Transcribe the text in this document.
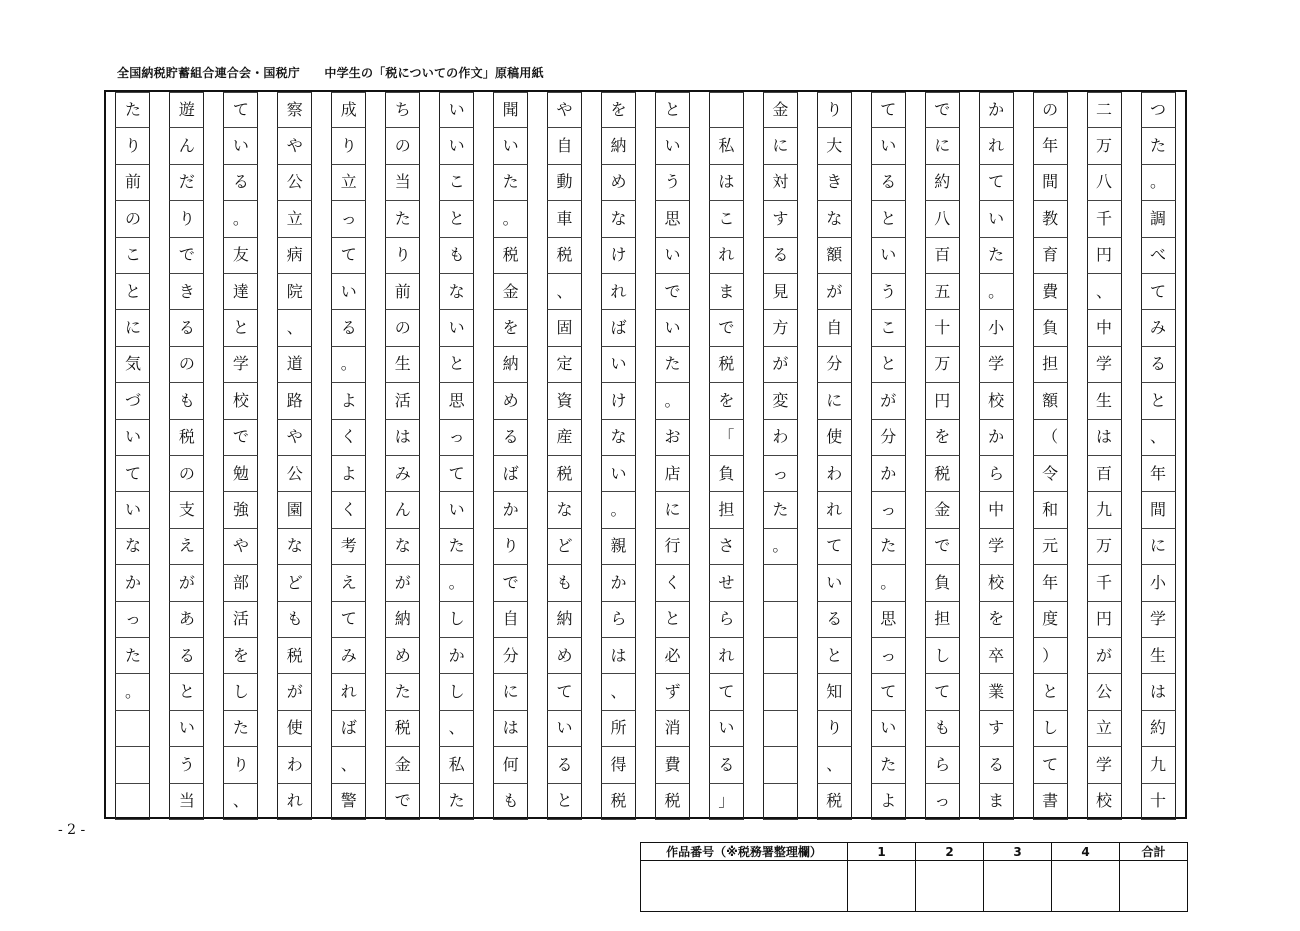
全国納税貯蓄組合連合会・国税庁　　中学生の「税についての作文」原稿用紙
つ
た
。
調
べ
て
み
る
と
、
年
間
に
小
学
生
は
約
九
十
二
万
八
千
円
、
中
学
生
は
百
九
万
千
円
が
公
立
学
校
の
年
間
教
育
費
負
担
額
（
令
和
元
年
度
）
と
し
て
書
か
れ
て
い
た
。
小
学
校
か
ら
中
学
校
を
卒
業
す
る
ま
で
に
約
八
百
五
十
万
円
を
税
金
で
負
担
し
て
も
ら
っ
て
い
る
と
い
う
こ
と
が
分
か
っ
た
。
思
っ
て
い
た
よ
り
大
き
な
額
が
自
分
に
使
わ
れ
て
い
る
と
知
り
、
税
金
に
対
す
る
見
方
が
変
わ
っ
た
。
私
は
こ
れ
ま
で
税
を
「
負
担
さ
せ
ら
れ
て
い
る
」
と
い
う
思
い
で
い
た
。
お
店
に
行
く
と
必
ず
消
費
税
を
納
め
な
け
れ
ば
い
け
な
い
。
親
か
ら
は
、
所
得
税
や
自
動
車
税
、
固
定
資
産
税
な
ど
も
納
め
て
い
る
と
聞
い
た
。
税
金
を
納
め
る
ば
か
り
で
自
分
に
は
何
も
い
い
こ
と
も
な
い
と
思
っ
て
い
た
。
し
か
し
、
私
た
ち
の
当
た
り
前
の
生
活
は
み
ん
な
が
納
め
た
税
金
で
成
り
立
っ
て
い
る
。
よ
く
よ
く
考
え
て
み
れ
ば
、
警
察
や
公
立
病
院
、
道
路
や
公
園
な
ど
も
税
が
使
わ
れ
て
い
る
。
友
達
と
学
校
で
勉
強
や
部
活
を
し
た
り
、
遊
ん
だ
り
で
き
る
の
も
税
の
支
え
が
あ
る
と
い
う
当
た
り
前
の
こ
と
に
気
づ
い
て
い
な
か
っ
た
。
- 2 -
作品番号（※税務署整理欄）	1	2	3	4	合計
